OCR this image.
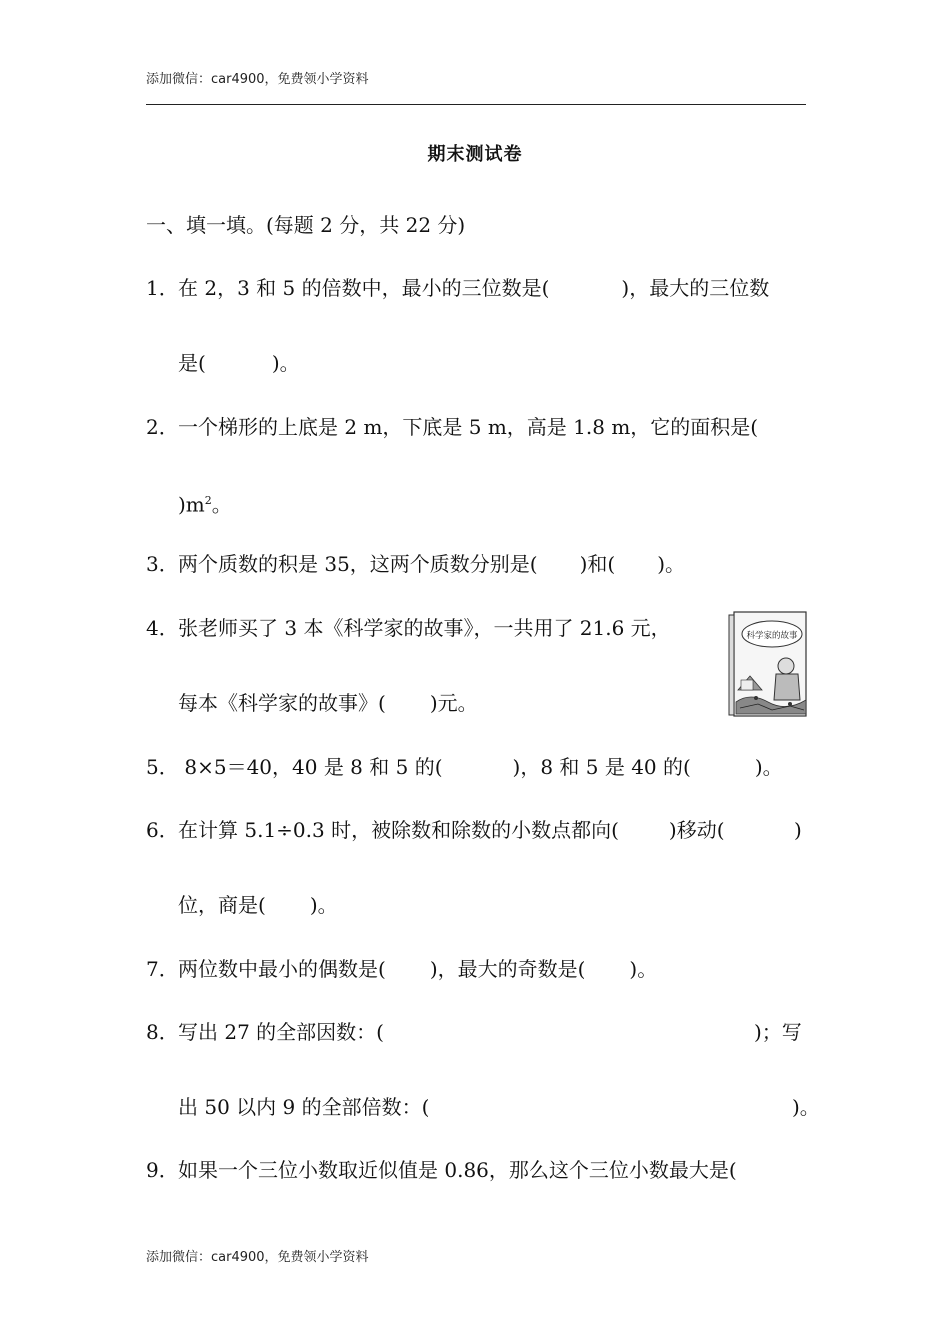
添加微信：car4900，免费领小学资料
期末测试卷
一、填一填。(每题 2 分，共 22 分)
1．在 2，3 和 5 的倍数中，最小的三位数是(	)，最大的三位数
是(	)。
2．一个梯形的上底是 2 m，下底是 5 m，高是 1.8 m，它的面积是(
)$m^2$。
3．两个质数的积是 35，这两个质数分别是( )和( )。
4．张老师买了 3 本《科学家的故事》，一共用了 21.6 元，
每本《科学家的故事》( )元。
科学家的故事
5． 8×5＝40，40 是 8 和 5 的(	)，8 和 5 是 40 的(	)。
6．在计算 5.1÷0.3 时，被除数和除数的小数点都向(	)移动(	)
位，商是( )。
7．两位数中最小的偶数是( )，最大的奇数是( )。
8．写出 27 的全部因数：(	)；写
出 50 以内 9 的全部倍数：(	)。
9．如果一个三位小数取近似值是 0.86，那么这个三位小数最大是(
添加微信：car4900，免费领小学资料
